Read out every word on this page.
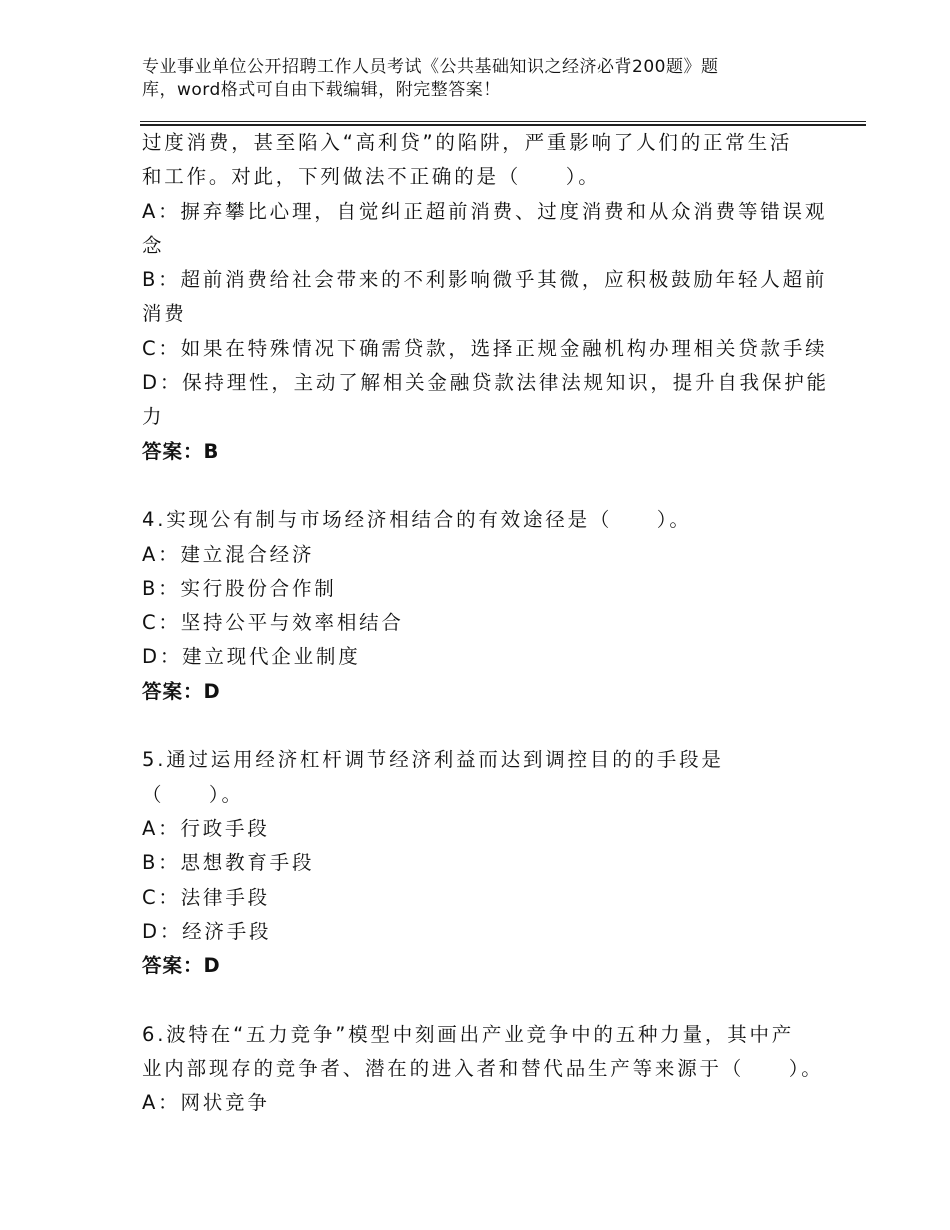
专业事业单位公开招聘工作人员考试《公共基础知识之经济必背200题》题
库，word格式可自由下载编辑，附完整答案！
过度消费，甚至陷入“高利贷”的陷阱，严重影响了人们的正常生活
和工作。对此，下列做法不正确的是（　　）。
A：摒弃攀比心理，自觉纠正超前消费、过度消费和从众消费等错误观
念
B：超前消费给社会带来的不利影响微乎其微，应积极鼓励年轻人超前
消费
C：如果在特殊情况下确需贷款，选择正规金融机构办理相关贷款手续
D：保持理性，主动了解相关金融贷款法律法规知识，提升自我保护能
力
答案：B
4.实现公有制与市场经济相结合的有效途径是（　　）。
A：建立混合经济
B：实行股份合作制
C：坚持公平与效率相结合
D：建立现代企业制度
答案：D
5.通过运用经济杠杆调节经济利益而达到调控目的的手段是
（　　）。
A：行政手段
B：思想教育手段
C：法律手段
D：经济手段
答案：D
6.波特在“五力竞争”模型中刻画出产业竞争中的五种力量，其中产
业内部现存的竞争者、潜在的进入者和替代品生产等来源于（　　）。
A：网状竞争
